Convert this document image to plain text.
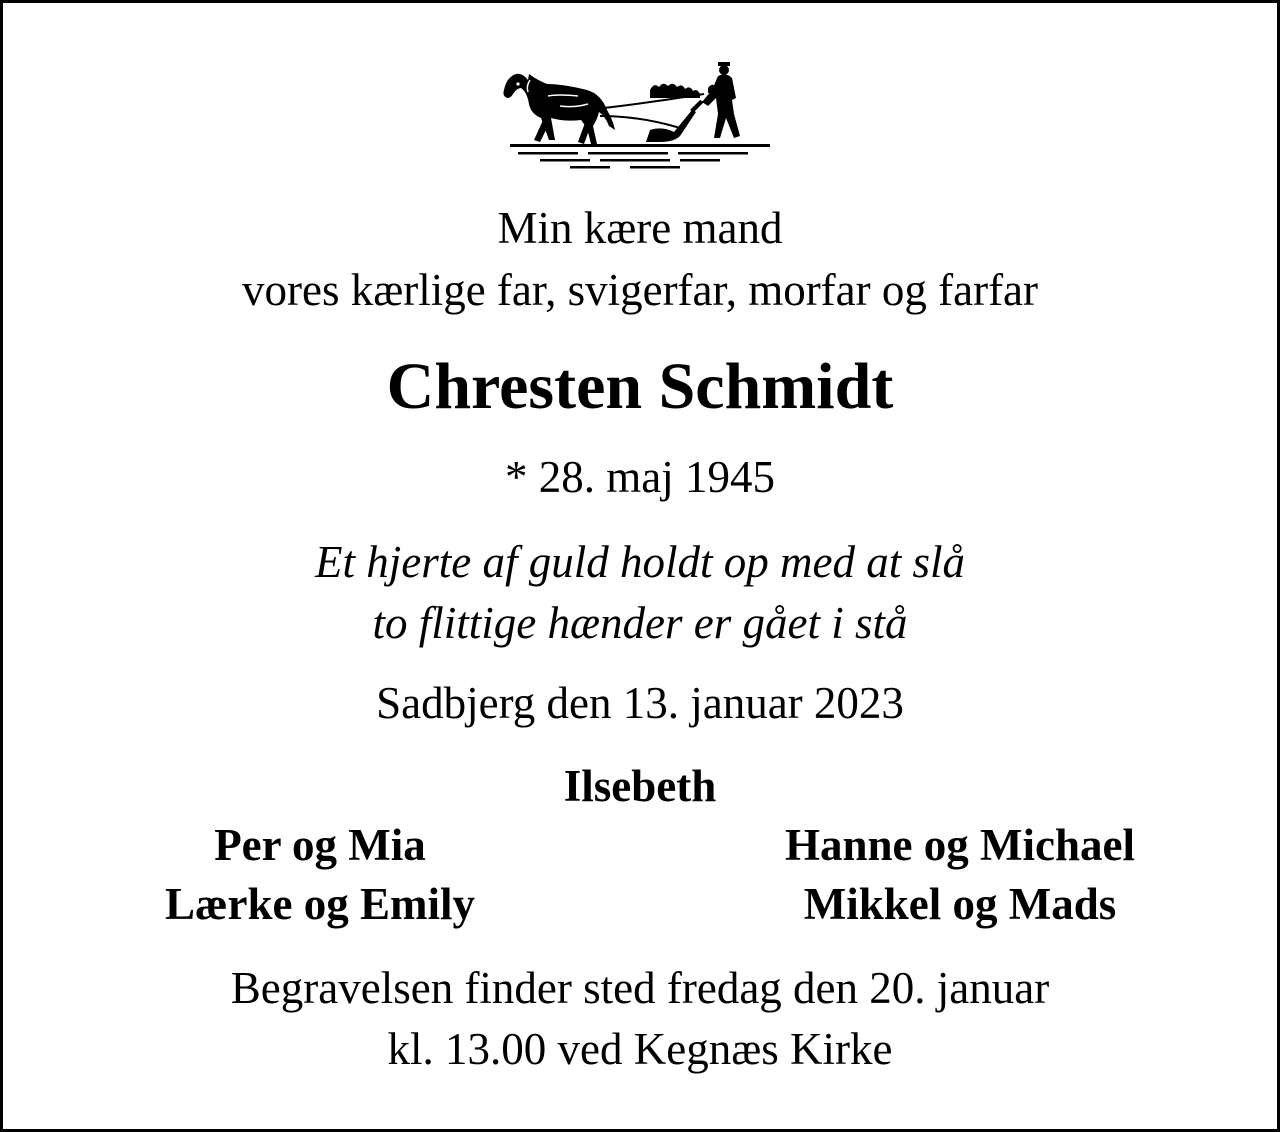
Min kære mand
vores kærlige far, svigerfar, morfar og farfar
Chresten Schmidt
* 28. maj 1945
Et hjerte af guld holdt op med at slå
to flittige hænder er gået i stå
Sadbjerg den 13. januar 2023
Ilsebeth
Per og Mia
Lærke og Emily
Hanne og Michael
Mikkel og Mads
Begravelsen finder sted fredag den 20. januar
kl. 13.00 ved Kegnæs Kirke
